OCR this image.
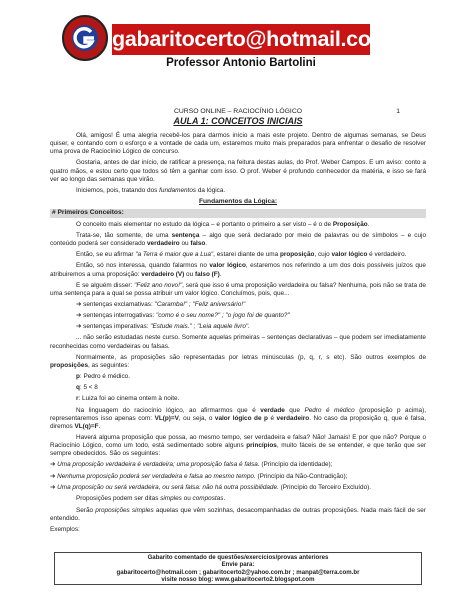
gabaritocerto@hotmail.com
Professor Antonio Bartolini
CURSO ONLINE – RACIOCÍNIO LÓGICO	1
AULA 1: CONCEITOS INICIAIS

Olá, amigos! É uma alegria recebê-los para darmos início a mais este projeto. Dentro de algumas semanas, se Deus quiser, e contando com o esforço e a vontade de cada um, estaremos muito mais preparados para enfrentar o desafio de resolver uma prova de Raciocínio Lógico de concurso.

Gostaria, antes de dar início, de ratificar a presença, na feitura destas aulas, do Prof. Weber Campos. E um aviso: conto a quatro mãos, e estou certo que todos só têm a ganhar com isso. O prof. Weber é profundo conhecedor da matéria, e isso se fará ver ao longo das semanas que virão.

Iniciemos, pois, tratando dos fundamentos da lógica.

Fundamentos da Lógica:
# Primeiros Conceitos:

O conceito mais elementar no estudo da lógica – e portanto o primeiro a ser visto – é o de Proposição.

Trata-se, tão somente, de uma sentença – algo que será declarado por meio de palavras ou de símbolos – e cujo conteúdo poderá ser considerado verdadeiro ou falso.

Então, se eu afirmar "a Terra é maior que a Lua", estarei diante de uma proposição, cujo valor lógico é verdadeiro.

Então, só nos interessa, quando falarmos no valor lógico, estaremos nos referindo a um dos dois possíveis juízos que atribuiremos a uma proposição: verdadeiro (V) ou falso (F).

E se alguém disser: "Feliz ano novo!", será que isso é uma proposição verdadeira ou falsa? Nenhuma, pois não se trata de uma sentença para a qual se possa atribuir um valor lógico. Concluímos, pois, que...

➔ sentenças exclamativas: "Caramba!" ; "Feliz aniversário!"
➔ sentenças interrogativas: "como é o seu nome?" ; "o jogo foi de quanto?"
➔ sentenças imperativas: "Estude mais." ; "Leia aquele livro".

... não serão estudadas neste curso. Somente aquelas primeiras – sentenças declarativas – que podem ser imediatamente reconhecidas como verdadeiras ou falsas.

Normalmente, as proposições são representadas por letras minúsculas (p, q, r, s etc). São outros exemplos de proposições, as seguintes:

p: Pedro é médico.
q: 5 < 8
r: Luiza foi ao cinema ontem à noite.

Na linguagem do raciocínio lógico, ao afirmarmos que é verdade que Pedro é médico (proposição p acima), representaremos isso apenas com: VL(p)=V, ou seja, o valor lógico de p é verdadeiro. No caso da proposição q, que é falsa, diremos VL(q)=F.

Haverá alguma proposição que possa, ao mesmo tempo, ser verdadeira e falsa? Não! Jamais! E por que não? Porque o Raciocínio Lógico, como um todo, está sedimentado sobre alguns princípios, muito fáceis de se entender, e que terão que ser sempre obedecidos. São os seguintes:

➔ Uma proposição verdadeira é verdadeira; uma proposição falsa é falsa. (Princípio da identidade);

➔ Nenhuma proposição poderá ser verdadeira e falsa ao mesmo tempo. (Princípio da Não-Contradição);

➔ Uma proposição ou será verdadeira, ou será falsa: não há outra possibilidade. (Princípio do Terceiro Excluído).

Proposições podem ser ditas simples ou compostas.

Serão proposições simples aquelas que vêm sozinhas, desacompanhadas de outras proposições. Nada mais fácil de ser entendido.

Exemplos:

Gabarito comentado de questões/exercícios/provas anteriores
Envie para:
gabaritocerto@hotmail.com ; gabaritocerto2@yahoo.com.br ; manpat@terra.com.br
visite nosso blog: www.gabaritocerto2.blogspot.com
